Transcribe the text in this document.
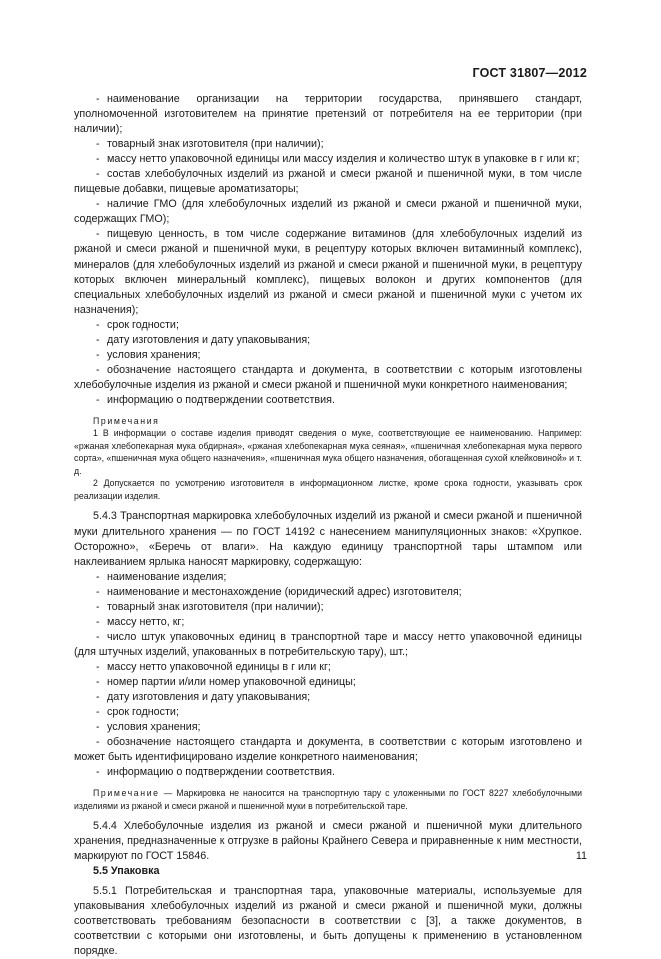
ГОСТ 31807—2012

- наименование организации на территории государства, принявшего стандарт, уполномоченной изготовителем на принятие претензий от потребителя на ее территории (при наличии);

- товарный знак изготовителя (при наличии);

- массу нетто упаковочной единицы или массу изделия и количество штук в упаковке в г или кг;

- состав хлебобулочных изделий из ржаной и смеси ржаной и пшеничной муки, в том числе пищевые добавки, пищевые ароматизаторы;

- наличие ГМО (для хлебобулочных изделий из ржаной и смеси ржаной и пшеничной муки, содержащих ГМО);

- пищевую ценность, в том числе содержание витаминов (для хлебобулочных изделий из ржаной и смеси ржаной и пшеничной муки, в рецептуру которых включен витаминный комплекс), минералов (для хлебобулочных изделий из ржаной и смеси ржаной и пшеничной муки, в рецептуру которых включен минеральный комплекс), пищевых волокон и других компонентов (для специальных хлебобулочных изделий из ржаной и смеси ржаной и пшеничной муки с учетом их назначения);

- срок годности;

- дату изготовления и дату упаковывания;

- условия хранения;

- обозначение настоящего стандарта и документа, в соответствии с которым изготовлены хлебобулочные изделия из ржаной и смеси ржаной и пшеничной муки конкретного наименования;

- информацию о подтверждении соответствия.

Примечания

1 В информации о составе изделия приводят сведения о муке, соответствующие ее наименованию. Например: «ржаная хлебопекарная мука обдирная», «ржаная хлебопекарная мука сеяная», «пшеничная хлебопекарная мука первого сорта», «пшеничная мука общего назначения», «пшеничная мука общего назначения, обогащенная сухой клейковиной» и т. д.

2 Допускается по усмотрению изготовителя в информационном листке, кроме срока годности, указывать срок реализации изделия.

5.4.3 Транспортная маркировка хлебобулочных изделий из ржаной и смеси ржаной и пшеничной муки длительного хранения — по ГОСТ 14192 с нанесением манипуляционных знаков: «Хрупкое. Осторожно», «Беречь от влаги». На каждую единицу транспортной тары штампом или наклеиванием ярлыка наносят маркировку, содержащую:

- наименование изделия;

- наименование и местонахождение (юридический адрес) изготовителя;

- товарный знак изготовителя (при наличии);

- массу нетто, кг;

- число штук упаковочных единиц в транспортной таре и массу нетто упаковочной единицы (для штучных изделий, упакованных в потребительскую тару), шт.;

- массу нетто упаковочной единицы в г или кг;

- номер партии и/или номер упаковочной единицы;

- дату изготовления и дату упаковывания;

- срок годности;

- условия хранения;

- обозначение настоящего стандарта и документа, в соответствии с которым изготовлено и может быть идентифицировано изделие конкретного наименования;

- информацию о подтверждении соответствия.

Примечание — Маркировка не наносится на транспортную тару с уложенными по ГОСТ 8227 хлебобулочными изделиями из ржаной и смеси ржаной и пшеничной муки в потребительской таре.

5.4.4 Хлебобулочные изделия из ржаной и смеси ржаной и пшеничной муки длительного хранения, предназначенные к отгрузке в районы Крайнего Севера и приравненные к ним местности, маркируют по ГОСТ 15846.

5.5 Упаковка

5.5.1 Потребительская и транспортная тара, упаковочные материалы, используемые для упаковывания хлебобулочных изделий из ржаной и смеси ржаной и пшеничной муки, должны соответствовать требованиям безопасности в соответствии с [3], а также документов, в соответствии с которыми они изготовлены, и быть допущены к применению в установленном порядке.

11
